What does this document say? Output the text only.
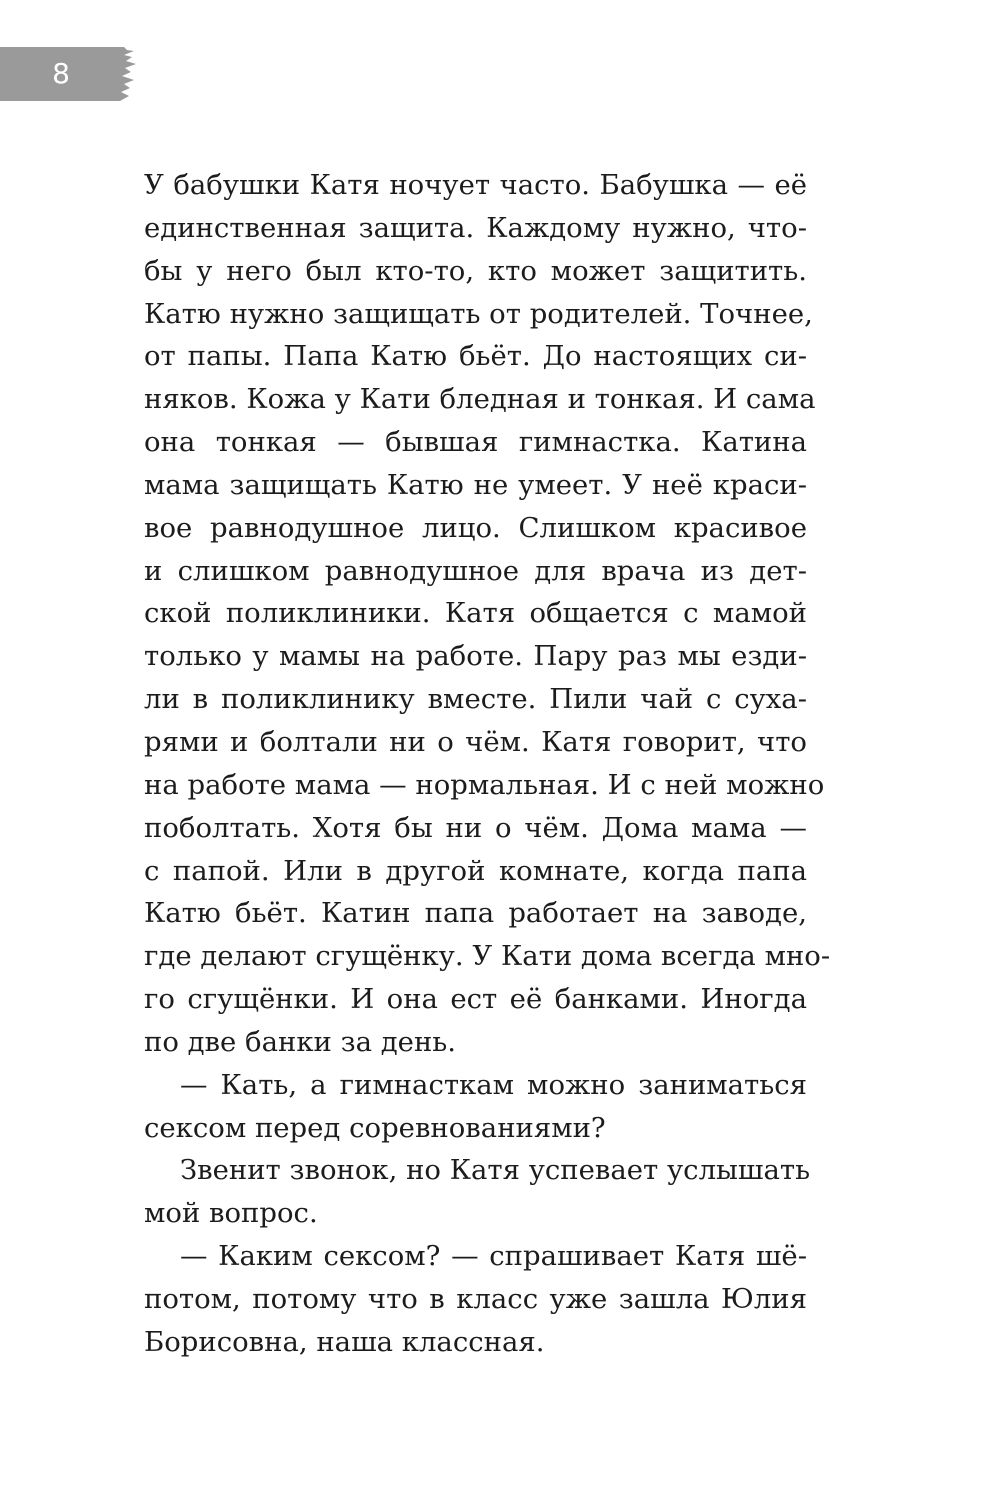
8
У бабушки Катя ночует часто. Бабушка — её
единственная защита. Каждому нужно, что-
бы у него был кто-то, кто может защитить.
Катю нужно защищать от родителей. Точнее,
от папы. Папа Катю бьёт. До настоящих си-
няков. Кожа у Кати бледная и тонкая. И сама
она тонкая — бывшая гимнастка. Катина
мама защищать Катю не умеет. У неё краси-
вое равнодушное лицо. Слишком красивое
и слишком равнодушное для врача из дет-
ской поликлиники. Катя общается с мамой
только у мамы на работе. Пару раз мы езди-
ли в поликлинику вместе. Пили чай с суха-
рями и болтали ни о чём. Катя говорит, что
на работе мама — нормальная. И с ней можно
поболтать. Хотя бы ни о чём. Дома мама —
с папой. Или в другой комнате, когда папа
Катю бьёт. Катин папа работает на заводе,
где делают сгущёнку. У Кати дома всегда мно-
го сгущёнки. И она ест её банками. Иногда
по две банки за день.
— Кать, а гимнасткам можно заниматься
сексом перед соревнованиями?
Звенит звонок, но Катя успевает услышать
мой вопрос.
— Каким сексом? — спрашивает Катя шё-
потом, потому что в класс уже зашла Юлия
Борисовна, наша классная.
